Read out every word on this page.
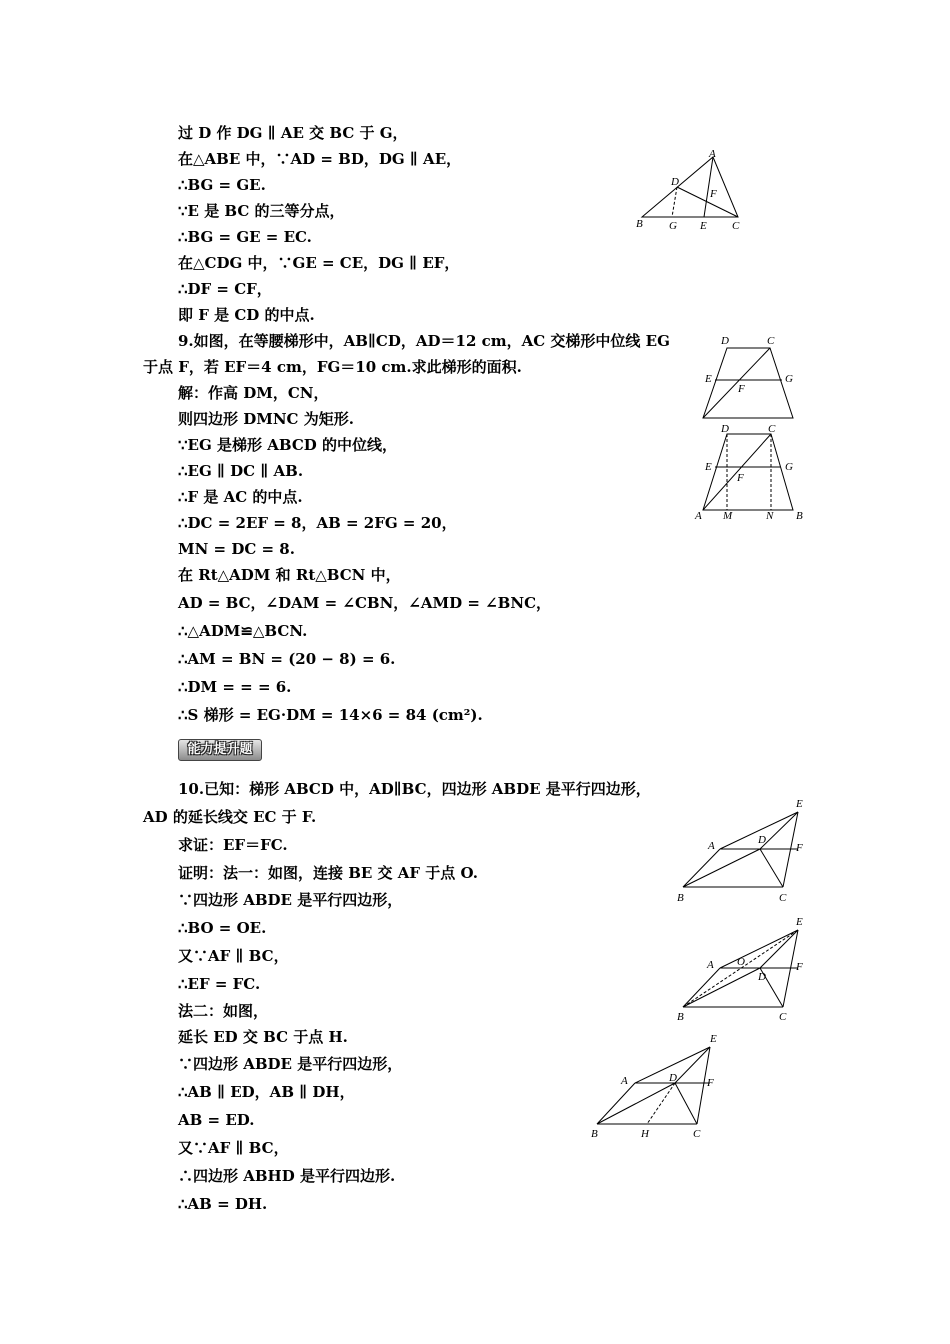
过 D 作 DG ∥ AE 交 BC 于 G，
在△ABE 中，∵AD = BD，DG ∥ AE，
∴BG = GE.
∵E 是 BC 的三等分点，
∴BG = GE = EC.
在△CDG 中，∵GE = CE，DG ∥ EF，
∴DF = CF，
即 F 是 CD 的中点.
9.如图，在等腰梯形中，AB∥CD，AD＝12 cm，AC 交梯形中位线 EG
于点 F，若 EF＝4 cm，FG＝10 cm.求此梯形的面积.
解：作高 DM，CN，
则四边形 DMNC 为矩形.
∵EG 是梯形 ABCD 的中位线，
∴EG ∥ DC ∥ AB.
∴F 是 AC 的中点.
∴DC = 2EF = 8，AB = 2FG = 20，
MN = DC = 8.
在 Rt△ADM 和 Rt△BCN 中，
AD = BC，∠DAM = ∠CBN，∠AMD = ∠BNC，
∴△ADM≌△BCN.
∴AM = BN = (20 − 8) = 6.
∴DM = = = 6.
∴S 梯形 = EG·DM = 14×6 = 84 (cm²).
能力提升题
10.已知：梯形 ABCD 中，AD∥BC，四边形 ABDE 是平行四边形，
AD 的延长线交 EC 于 F.
求证：EF＝FC.
证明：法一：如图，连接 BE 交 AF 于点 O.
∵四边形 ABDE 是平行四边形，
∴BO = OE.
又∵AF ∥ BC，
∴EF = FC.
法二：如图，
延长 ED 交 BC 于点 H.
∵四边形 ABDE 是平行四边形，
∴AB ∥ ED，AB ∥ DH，
AB = ED.
又∵AF ∥ BC，
∴四边形 ABHD 是平行四边形.
∴AB = DH.
A
B	C
D
E
F
G
D	C
E	G
F
D	C
E	G
F
A M	N B
E
A	D
F
B	C
E
A O
D
F
B	C
E
A	D	F
B	H	C
